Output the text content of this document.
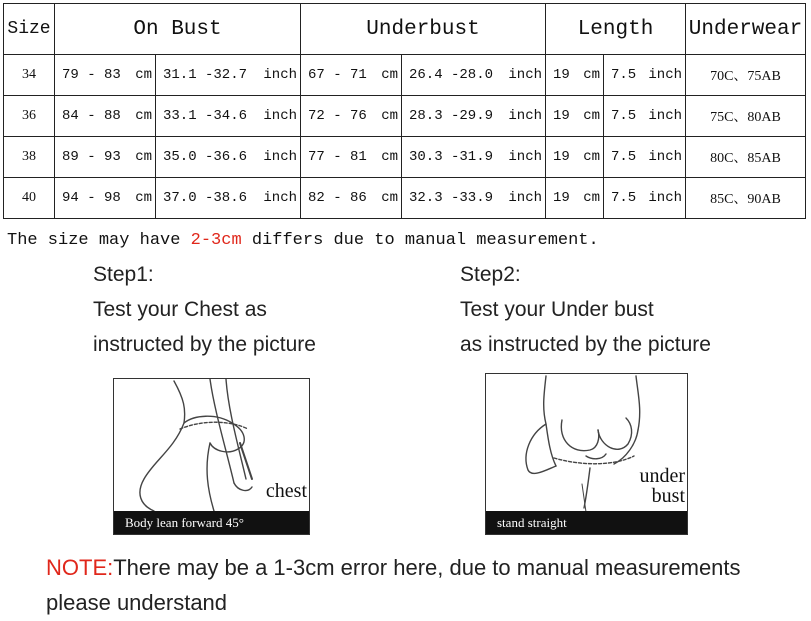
Size	On Bust		Underbust		Length		Underwear
34	79 - 83 cm	31.1 -32.7 inch	67 - 71 cm	26.4 -28.0 inch	19 cm	7.5 inch	70C、75AB
36	84 - 88 cm	33.1 -34.6 inch	72 - 76 cm	28.3 -29.9 inch	19 cm	7.5 inch	75C、80AB
38	89 - 93 cm	35.0 -36.6 inch	77 - 81 cm	30.3 -31.9 inch	19 cm	7.5 inch	80C、85AB
40	94 - 98 cm	37.0 -38.6 inch	82 - 86 cm	32.3 -33.9 inch	19 cm	7.5 inch	85C、90AB
The size may have 2-3cm differs due to manual measurement.
Step1:
Test your Chest as
instructed by the picture
chest
Body lean forward 45°
Step2:
Test your Under bust
as instructed by the picture
under
bust
stand straight
NOTE:There may be a 1-3cm error here, due to manual measurements please understand
